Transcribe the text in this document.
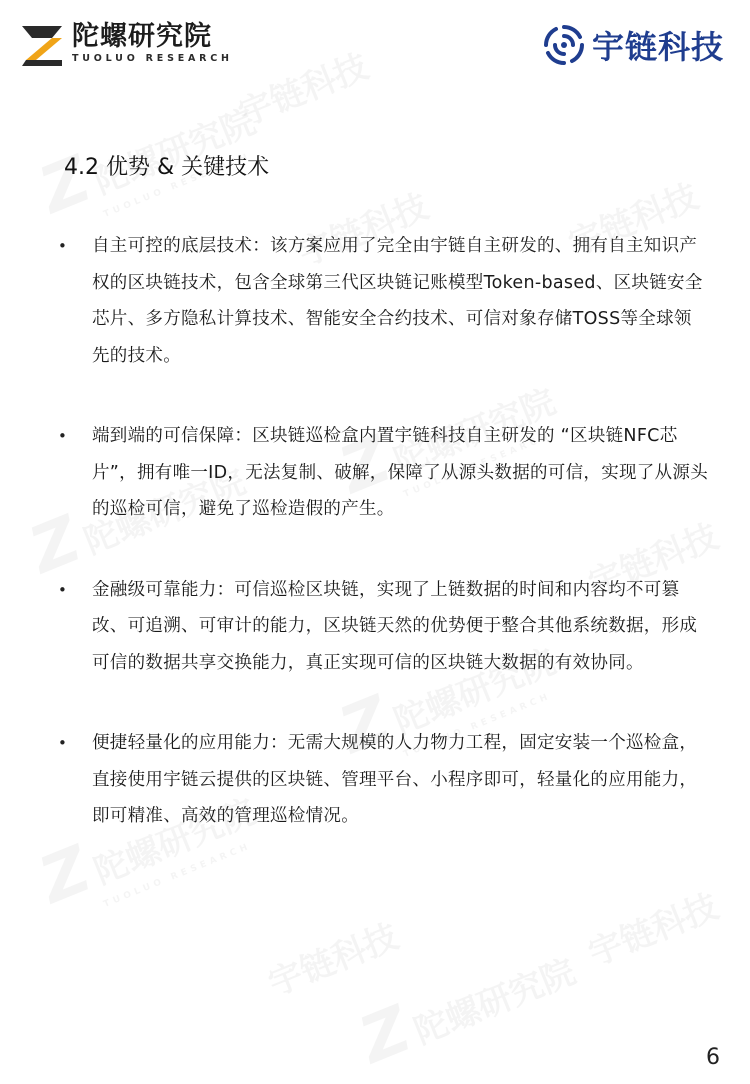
陀螺研究院
TUOLUO RESEARCH	宇链科技
4.2 优势 & 关键技术
•	自主可控的底层技术：该方案应用了完全由宇链自主研发的、拥有自主知识产权的区块链技术，包含全球第三代区块链记账模型Token-based、区块链安全芯片、多方隐私计算技术、智能安全合约技术、可信对象存储TOSS等全球领先的技术。
•	端到端的可信保障：区块链巡检盒内置宇链科技自主研发的 “区块链NFC芯片”，拥有唯一ID，无法复制、破解，保障了从源头数据的可信，实现了从源头的巡检可信，避免了巡检造假的产生。
•	金融级可靠能力：可信巡检区块链，实现了上链数据的时间和内容均不可篡改、可追溯、可审计的能力，区块链天然的优势便于整合其他系统数据，形成可信的数据共享交换能力，真正实现可信的区块链大数据的有效协同。
•	便捷轻量化的应用能力：无需大规模的人力物力工程，固定安装一个巡检盒，直接使用宇链云提供的区块链、管理平台、小程序即可，轻量化的应用能力，即可精准、高效的管理巡检情况。
6
